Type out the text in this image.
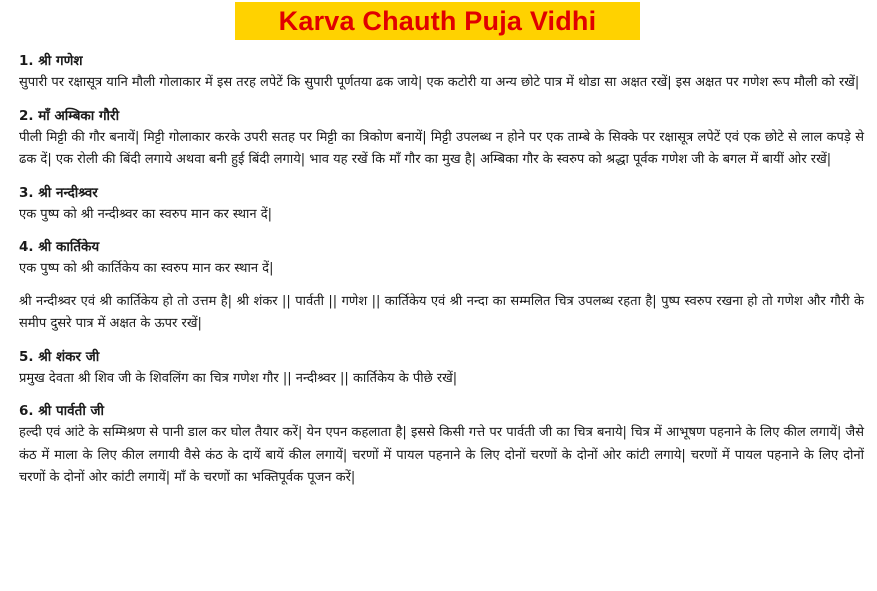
Karva Chauth Puja Vidhi
1. श्री गणेश

सुपारी पर रक्षासूत्र यानि मौली गोलाकार में इस तरह लपेटें कि सुपारी पूर्णतया ढक जाये| एक कटोरी या अन्य छोटे पात्र में थोडा सा अक्षत रखें| इस अक्षत पर गणेश रूप मौली को रखें|

2. माँ अम्बिका गौरी

पीली मिट्टी की गौर बनायें| मिट्टी गोलाकार करके उपरी सतह पर मिट्टी का त्रिकोण बनायें| मिट्टी उपलब्ध न होने पर एक ताम्बे के सिक्के पर रक्षासूत्र लपेटें एवं एक छोटे से लाल कपड़े से ढक दें| एक रोली की बिंदी लगाये अथवा बनी हुई बिंदी लगाये| भाव यह रखें कि माँ गौर का मुख है| अम्बिका गौर के स्वरुप को श्रद्धा पूर्वक गणेश जी के बगल में बायीं ओर रखें|

3. श्री नन्दीश्र्वर

एक पुष्प को श्री नन्दीश्र्वर का स्वरुप मान कर स्थान दें|

4. श्री कार्तिकेय

एक पुष्प को श्री कार्तिकेय का स्वरुप मान कर स्थान दें|

श्री नन्दीश्र्वर एवं श्री कार्तिकेय हो तो उत्तम है| श्री शंकर || पार्वती || गणेश || कार्तिकेय एवं श्री नन्दा का सम्मलित चित्र उपलब्ध रहता है| पुष्प स्वरुप रखना हो तो गणेश और गौरी के समीप दुसरे पात्र में अक्षत के ऊपर रखें|

5. श्री शंकर जी

प्रमुख देवता श्री शिव जी के शिवलिंग का चित्र गणेश गौर || नन्दीश्र्वर || कार्तिकेय के पीछे रखें|

6. श्री पार्वती जी

हल्दी एवं आंटे के सम्मिश्रण से पानी डाल कर घोल तैयार करें| येन एपन कहलाता है| इससे किसी गत्ते पर पार्वती जी का चित्र बनाये| चित्र में आभूषण पहनाने के लिए कील लगायें| जैसे कंठ में माला के लिए कील लगायी वैसे कंठ के दायें बायें कील लगायें| चरणों में पायल पहनाने के लिए दोनों चरणों के दोनों ओर कांटी लगाये| चरणों में पायल पहनाने के लिए दोनों चरणों के दोनों ओर कांटी लगायें| माँ के चरणों का भक्तिपूर्वक पूजन करें|
